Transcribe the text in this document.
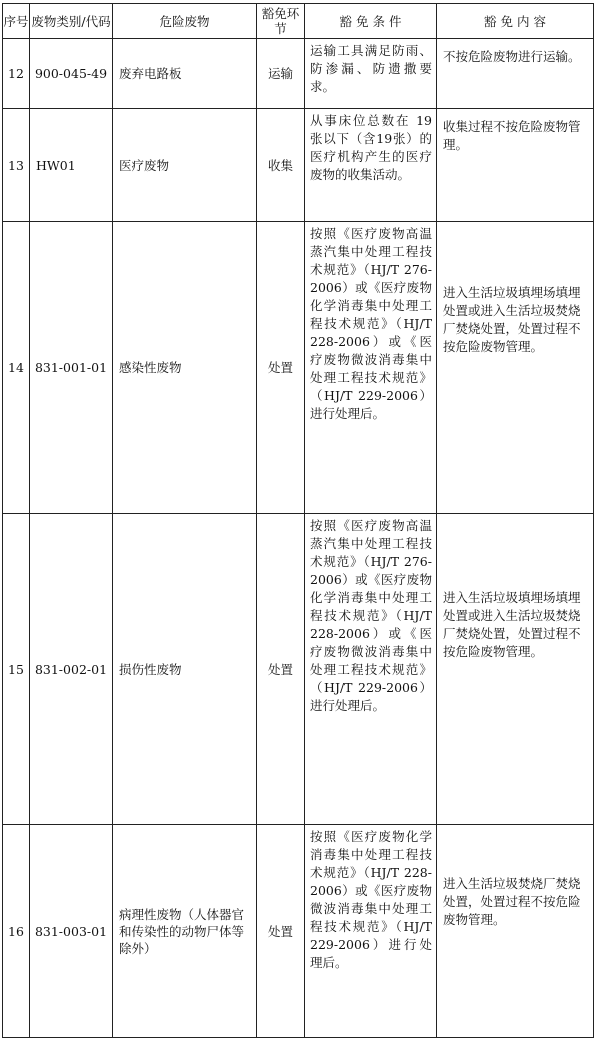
序号	废物类别/代码	危险废物	豁免环节	豁 免 条 件	豁 免 内 容
12	900-045-49	废弃电路板	运输	运输工具满足防雨、防渗漏、防遗撒要求。	不按危险废物进行运输。
13	HW01	医疗废物	收集	从事床位总数在 19 张以下（含19张）的医疗机构产生的医疗废物的收集活动。	收集过程不按危险废物管理。
14	831-001-01	感染性废物	处置	按照《医疗废物高温蒸汽集中处理工程技术规范》（HJ/T 276-2006）或《医疗废物化学消毒集中处理工程技术规范》（HJ/T 228-2006）或《医疗废物微波消毒集中处理工程技术规范》（HJ/T 229-2006）进行处理后。	进入生活垃圾填埋场填埋处置或进入生活垃圾焚烧厂焚烧处置，处置过程不按危险废物管理。
15	831-002-01	损伤性废物	处置	按照《医疗废物高温蒸汽集中处理工程技术规范》（HJ/T 276-2006）或《医疗废物化学消毒集中处理工程技术规范》（HJ/T 228-2006）或《医疗废物微波消毒集中处理工程技术规范》（HJ/T 229-2006）进行处理后。	进入生活垃圾填埋场填埋处置或进入生活垃圾焚烧厂焚烧处置，处置过程不按危险废物管理。
16	831-003-01	病理性废物（人体器官和传染性的动物尸体等除外）	处置	按照《医疗废物化学消毒集中处理工程技术规范》（HJ/T 228-2006）或《医疗废物微波消毒集中处理工程技术规范》（HJ/T 229-2006）进行处理后。	进入生活垃圾焚烧厂焚烧处置，处置过程不按危险废物管理。
